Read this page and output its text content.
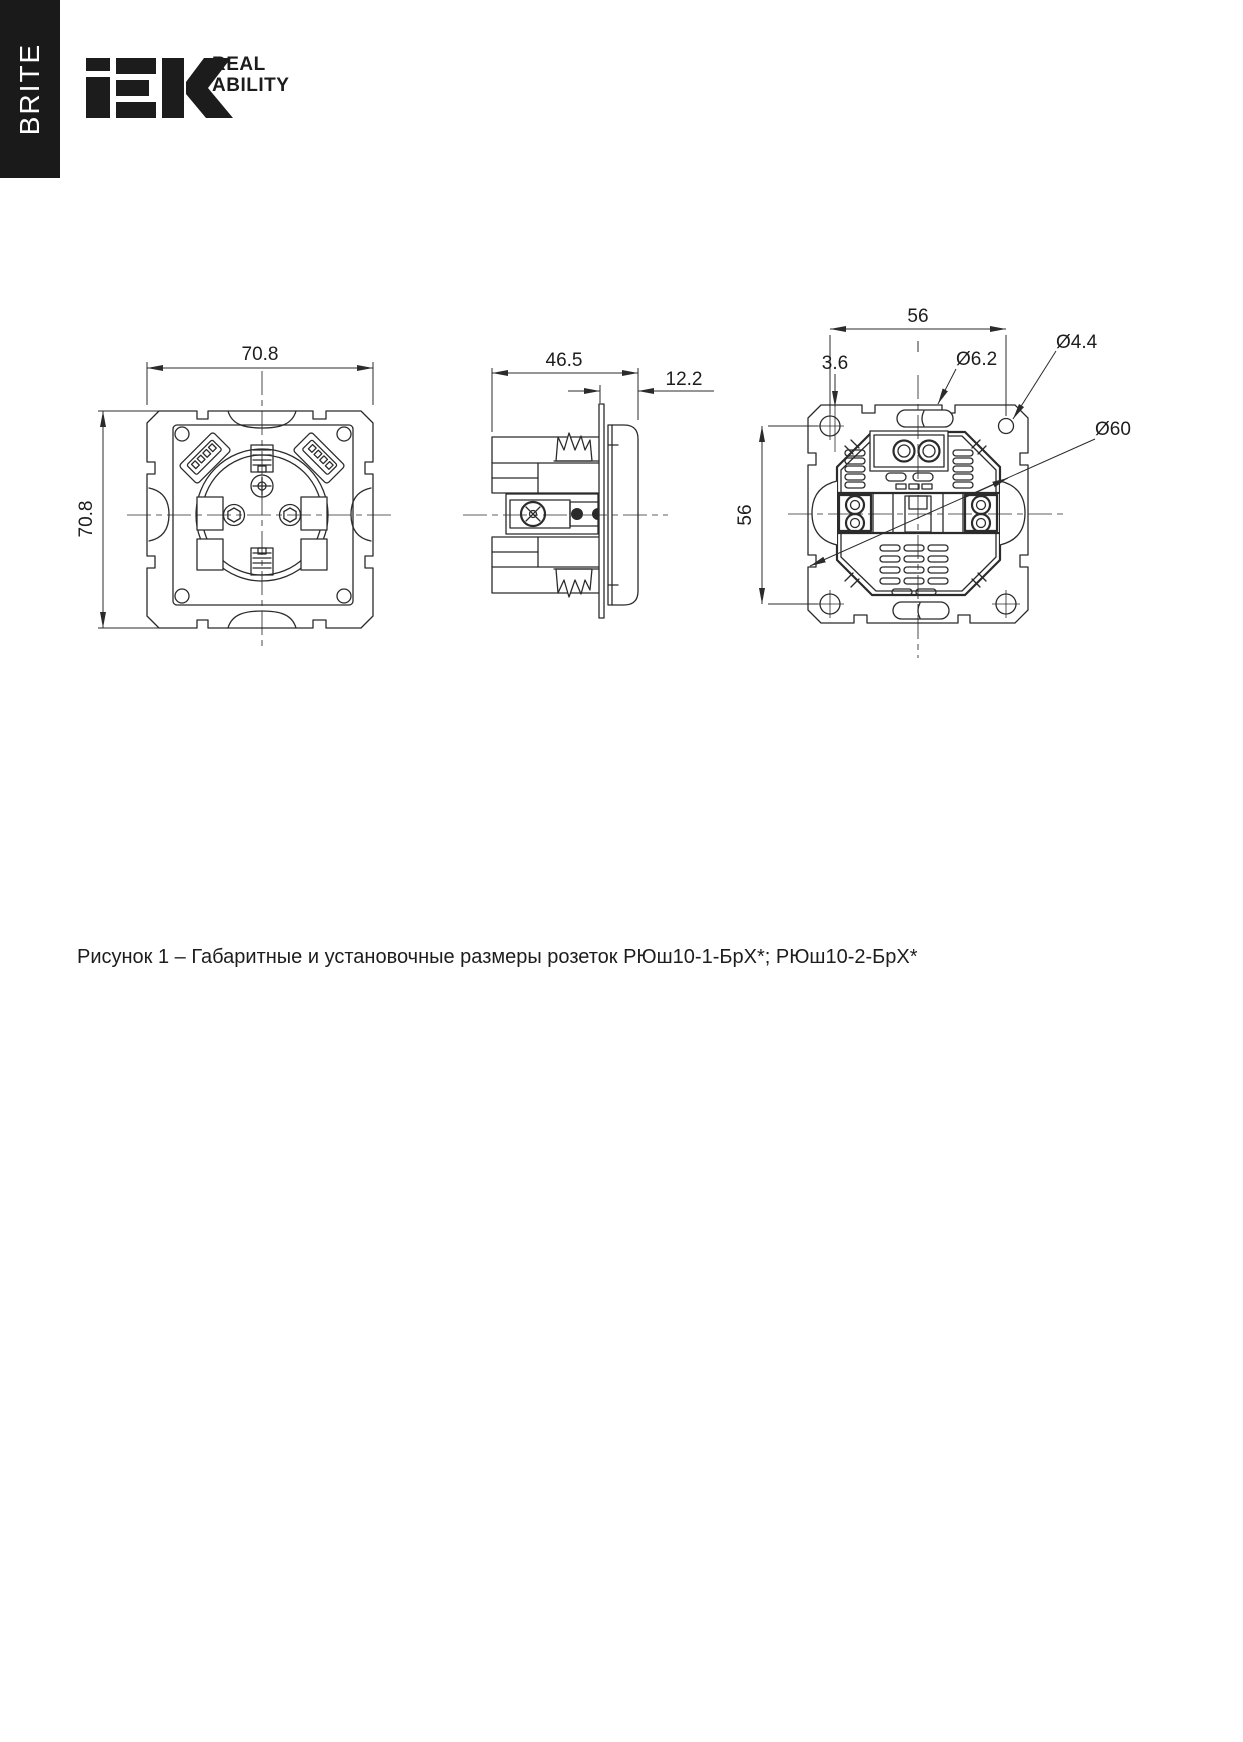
BRITE	REAL
ABILITY
70.8
70.8
46.5
12.2
56
56
3.6	Ø6.2
Ø4.4
Ø60
Рисунок 1 – Габаритные и установочные размеры розеток РЮш10-1-БрХ*; РЮш10-2-БрХ*
